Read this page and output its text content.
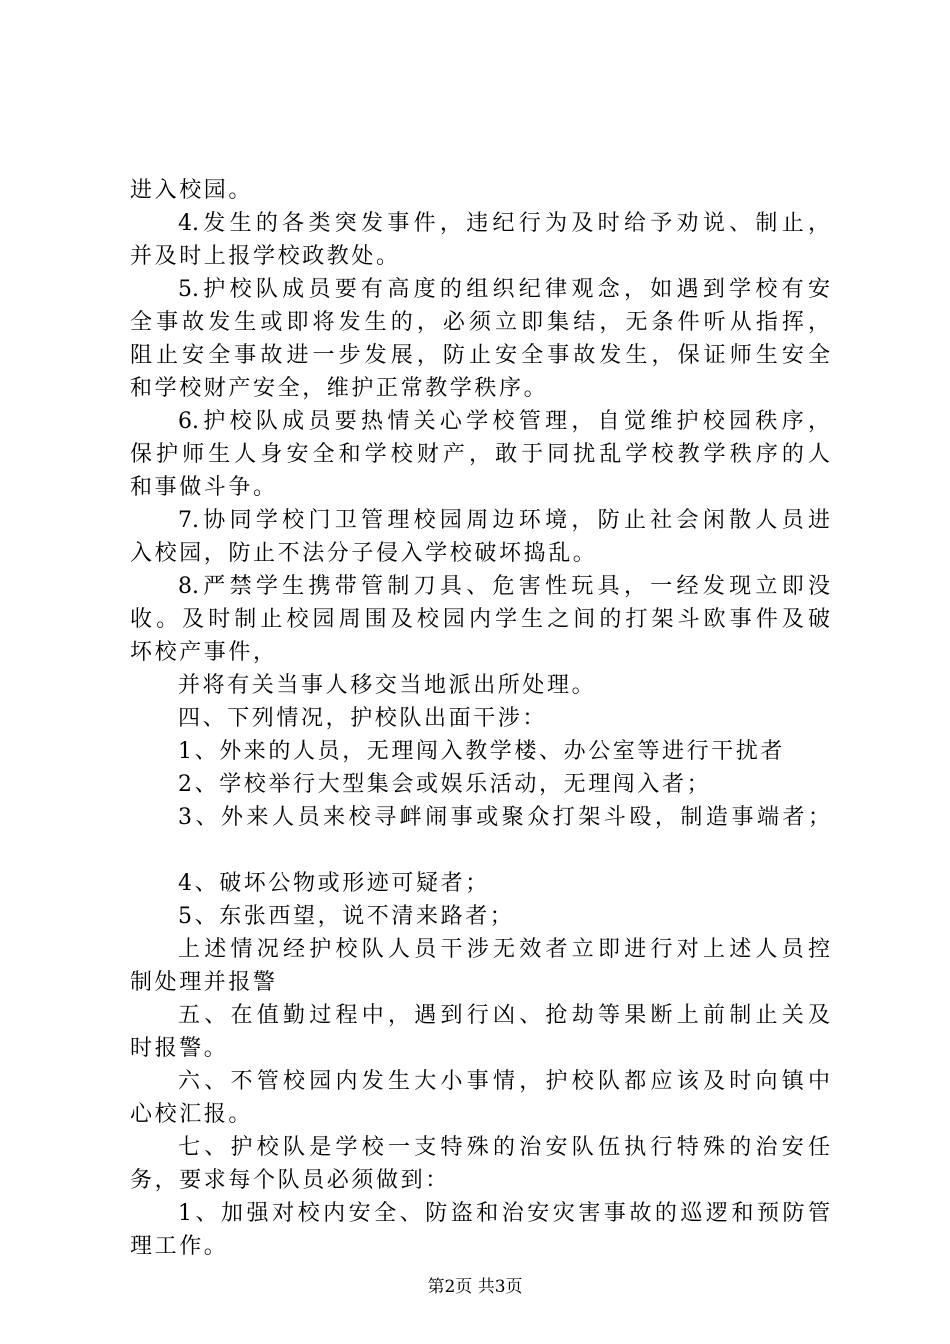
进入校园。
4.发生的各类突发事件，违纪行为及时给予劝说、制止，
并及时上报学校政教处。
5.护校队成员要有高度的组织纪律观念，如遇到学校有安
全事故发生或即将发生的，必须立即集结，无条件听从指挥，
阻止安全事故进一步发展，防止安全事故发生，保证师生安全
和学校财产安全，维护正常教学秩序。
6.护校队成员要热情关心学校管理，自觉维护校园秩序，
保护师生人身安全和学校财产，敢于同扰乱学校教学秩序的人
和事做斗争。
7.协同学校门卫管理校园周边环境，防止社会闲散人员进
入校园，防止不法分子侵入学校破坏捣乱。
8.严禁学生携带管制刀具、危害性玩具，一经发现立即没
收。及时制止校园周围及校园内学生之间的打架斗欧事件及破
坏校产事件，
并将有关当事人移交当地派出所处理。
四、下列情况，护校队出面干涉：
1、外来的人员，无理闯入教学楼、办公室等进行干扰者
2、学校举行大型集会或娱乐活动，无理闯入者；
3、外来人员来校寻衅闹事或聚众打架斗殴，制造事端者；
4、破坏公物或形迹可疑者；
5、东张西望，说不清来路者；
上述情况经护校队人员干涉无效者立即进行对上述人员控
制处理并报警
五、在值勤过程中，遇到行凶、抢劫等果断上前制止关及
时报警。
六、不管校园内发生大小事情，护校队都应该及时向镇中
心校汇报。
七、护校队是学校一支特殊的治安队伍执行特殊的治安任
务，要求每个队员必须做到：
1、加强对校内安全、防盗和治安灾害事故的巡逻和预防管
理工作。
第2页 共3页
